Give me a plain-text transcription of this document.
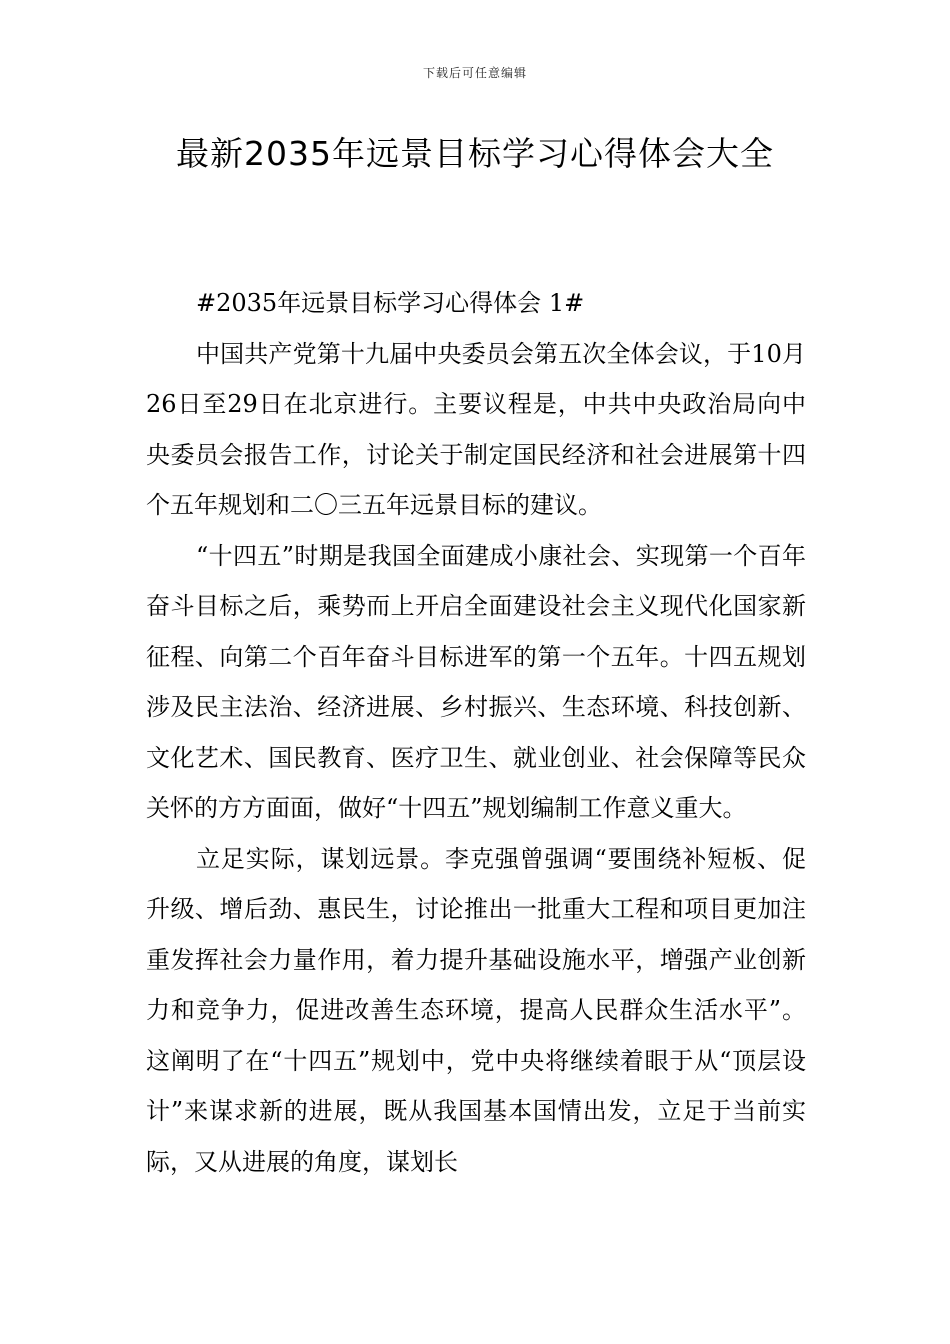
下载后可任意编辑
最新2035年远景目标学习心得体会大全

#2035年远景目标学习心得体会 1#

中国共产党第十九届中央委员会第五次全体会议，于10月26日至29日在北京进行。主要议程是，中共中央政治局向中央委员会报告工作，讨论关于制定国民经济和社会进展第十四个五年规划和二〇三五年远景目标的建议。

“十四五”时期是我国全面建成小康社会、实现第一个百年奋斗目标之后，乘势而上开启全面建设社会主义现代化国家新征程、向第二个百年奋斗目标进军的第一个五年。十四五规划涉及民主法治、经济进展、乡村振兴、生态环境、科技创新、文化艺术、国民教育、医疗卫生、就业创业、社会保障等民众关怀的方方面面，做好“十四五”规划编制工作意义重大。

立足实际，谋划远景。李克强曾强调“要围绕补短板、促升级、增后劲、惠民生，讨论推出一批重大工程和项目更加注重发挥社会力量作用，着力提升基础设施水平，增强产业创新力和竞争力，促进改善生态环境，提高人民群众生活水平”。这阐明了在“十四五”规划中，党中央将继续着眼于从“顶层设计”来谋求新的进展，既从我国基本国情出发，立足于当前实际，又从进展的角度，谋划长
